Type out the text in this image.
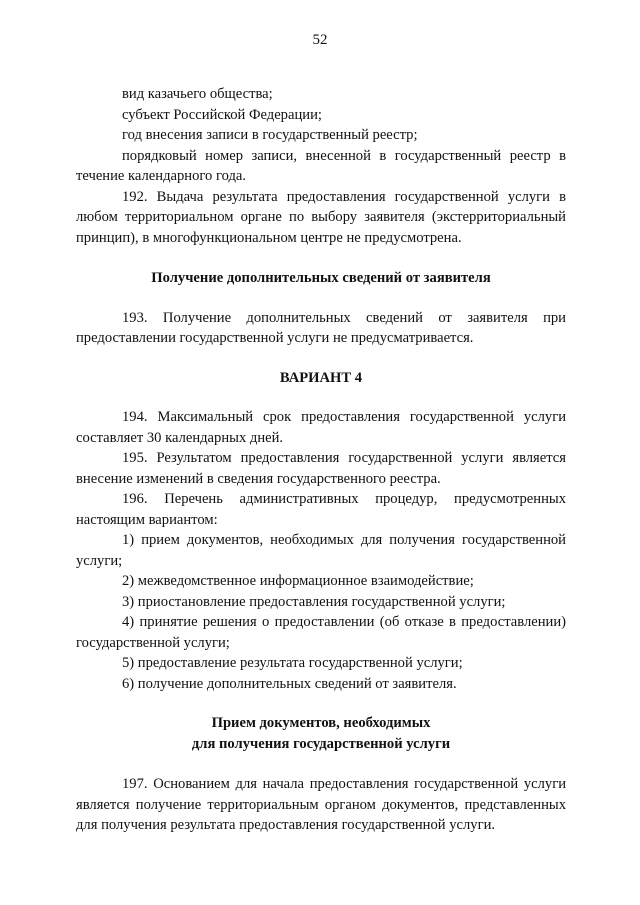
52

вид казачьего общества;

субъект Российской Федерации;

год внесения записи в государственный реестр;

порядковый номер записи, внесенной в государственный реестр в течение календарного года.

192. Выдача результата предоставления государственной услуги в любом территориальном органе по выбору заявителя (экстерриториальный принцип), в многофункциональном центре не предусмотрена.

Получение дополнительных сведений от заявителя

193. Получение дополнительных сведений от заявителя при предоставлении государственной услуги не предусматривается.

ВАРИАНТ 4

194. Максимальный срок предоставления государственной услуги составляет 30 календарных дней.

195. Результатом предоставления государственной услуги является внесение изменений в сведения государственного реестра.

196. Перечень административных процедур, предусмотренных настоящим вариантом:

1) прием документов, необходимых для получения государственной услуги;

2) межведомственное информационное взаимодействие;

3) приостановление предоставления государственной услуги;

4) принятие решения о предоставлении (об отказе в предоставлении) государственной услуги;

5) предоставление результата государственной услуги;

6) получение дополнительных сведений от заявителя.

Прием документов, необходимых
для получения государственной услуги

197. Основанием для начала предоставления государственной услуги является получение территориальным органом документов, представленных для получения результата предоставления государственной услуги.
